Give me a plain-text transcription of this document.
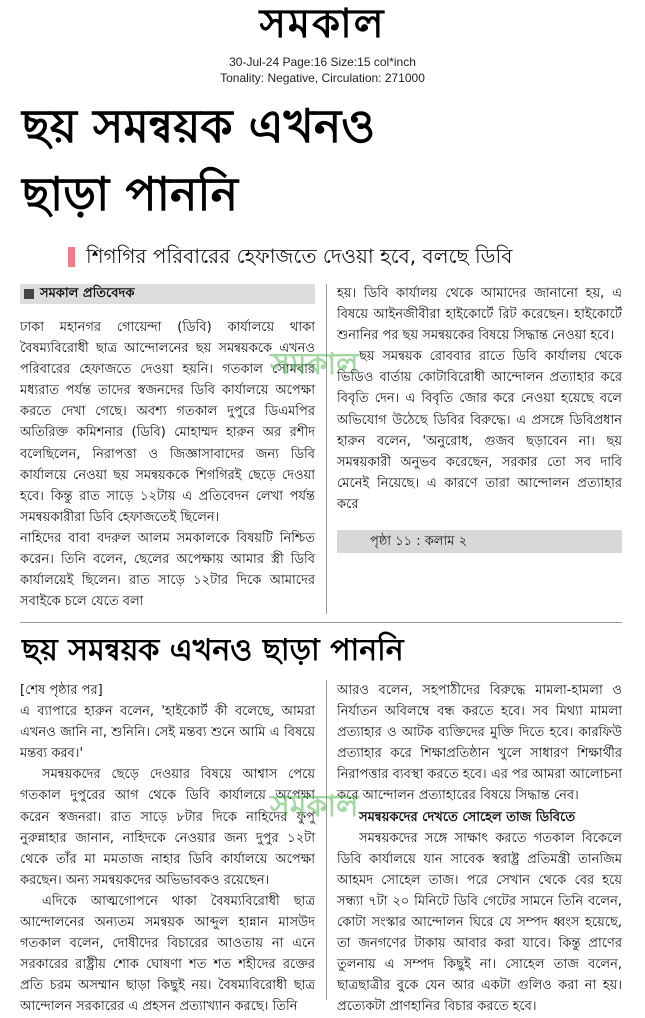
সমকাল
30-Jul-24 Page:16 Size:15 col*inch
Tonality: Negative, Circulation: 271000
ছয় সমন্বয়ক এখনও
ছাড়া পাননি
শিগগির পরিবারের হেফাজতে দেওয়া হবে, বলছে ডিবি
সমকাল প্রতিবেদক

ঢাকা মহানগর গোয়েন্দা (ডিবি) কার্যালয়ে থাকা বৈষম্যবিরোধী ছাত্র আন্দোলনের ছয় সমন্বয়ককে এখনও পরিবারের হেফাজতে দেওয়া হয়নি। গতকাল সোমবার মধ্যরাত পর্যন্ত তাদের স্বজনদের ডিবি কার্যালয়ে অপেক্ষা করতে দেখা গেছে। অবশ্য গতকাল দুপুরে ডিএমপির অতিরিক্ত কমিশনার (ডিবি) মোহাম্মদ হারুন অর রশীদ বলেছিলেন, নিরাপত্তা ও জিজ্ঞাসাবাদের জন্য ডিবি কার্যালয়ে নেওয়া ছয় সমন্বয়ককে শিগগিরই ছেড়ে দেওয়া হবে। কিন্তু রাত সাড়ে ১২টায় এ প্রতিবেদন লেখা পর্যন্ত সমন্বয়কারীরা ডিবি হেফাজতেই ছিলেন।

নাহিদের বাবা বদরুল আলম সমকালকে বিষয়টি নিশ্চিত করেন। তিনি বলেন, ছেলের অপেক্ষায় আমার স্ত্রী ডিবি কার্যালয়েই ছিলেন। রাত সাড়ে ১২টার দিকে আমাদের সবাইকে চলে যেতে বলা

হয়। ডিবি কার্যালয় থেকে আমাদের জানানো হয়, এ বিষয়ে আইনজীবীরা হাইকোর্টে রিট করেছেন। হাইকোর্টে শুনানির পর ছয় সমন্বয়কের বিষয়ে সিদ্ধান্ত নেওয়া হবে।

ছয় সমন্বয়ক রোববার রাতে ডিবি কার্যালয় থেকে ভিডিও বার্তায় কোটাবিরোধী আন্দোলন প্রত্যাহার করে বিবৃতি দেন। এ বিবৃতি জোর করে নেওয়া হয়েছে বলে অভিযোগ উঠেছে ডিবির বিরুদ্ধে। এ প্রসঙ্গে ডিবিপ্রধান হারুন বলেন, 'অনুরোধ, গুজব ছড়াবেন না। ছয় সমন্বয়কারী অনুভব করেছেন, সরকার তো সব দাবি মেনেই নিয়েছে। এ কারণে তারা আন্দোলন প্রত্যাহার করে

পৃষ্ঠা ১১ : কলাম ২
ছয় সমন্বয়ক এখনও ছাড়া পাননি

[শেষ পৃষ্ঠার পর]

এ ব্যাপারে হারুন বলেন, 'হাইকোর্ট কী বলেছে, আমরা এখনও জানি না, শুনিনি। সেই মন্তব্য শুনে আমি এ বিষয়ে মন্তব্য করব।'

সমন্বয়কদের ছেড়ে দেওয়ার বিষয়ে আশ্বাস পেয়ে গতকাল দুপুরের আগ থেকে ডিবি কার্যালয়ে অপেক্ষা করেন স্বজনরা। রাত সাড়ে ৮টার দিকে নাহিদের ফুপু নুরুন্নাহার জানান, নাহিদকে নেওয়ার জন্য দুপুর ১২টা থেকে তাঁর মা মমতাজ নাহার ডিবি কার্যালয়ে অপেক্ষা করছেন। অন্য সমন্বয়কদের অভিভাবকও রয়েছেন।

এদিকে আত্মগোপনে থাকা বৈষম্যবিরোধী ছাত্র আন্দোলনের অন্যতম সমন্বয়ক আব্দুল হান্নান মাসউদ গতকাল বলেন, দোষীদের বিচারের আওতায় না এনে সরকারের রাষ্ট্রীয় শোক ঘোষণা শত শত শহীদের রক্তের প্রতি চরম অসম্মান ছাড়া কিছুই নয়। বৈষম্যবিরোধী ছাত্র আন্দোলন সরকারের এ প্রহসন প্রত্যাখ্যান করছে। তিনি

আরও বলেন, সহপাঠীদের বিরুদ্ধে মামলা-হামলা ও নির্যাতন অবিলম্বে বন্ধ করতে হবে। সব মিথ্যা মামলা প্রত্যাহার ও আটক ব্যক্তিদের মুক্তি দিতে হবে। কারফিউ প্রত্যাহার করে শিক্ষাপ্রতিষ্ঠান খুলে সাধারণ শিক্ষার্থীর নিরাপত্তার ব্যবস্থা করতে হবে। এর পর আমরা আলোচনা করে আন্দোলন প্রত্যাহারের বিষয়ে সিদ্ধান্ত নেব।

সমন্বয়কদের দেখতে সোহেল তাজ ডিবিতে

সমন্বয়কদের সঙ্গে সাক্ষাৎ করতে গতকাল বিকেলে ডিবি কার্যালয়ে যান সাবেক স্বরাষ্ট্র প্রতিমন্ত্রী তানজিম আহমদ সোহেল তাজ। পরে সেখান থেকে বের হয়ে সন্ধ্যা ৭টা ২০ মিনিটে ডিবি গেটের সামনে তিনি বলেন, কোটা সংস্কার আন্দোলন ঘিরে যে সম্পদ ধ্বংস হয়েছে, তা জনগণের টাকায় আবার করা যাবে। কিন্তু প্রাণের তুলনায় এ সম্পদ কিছুই না। সোহেল তাজ বলেন, ছাত্রছাত্রীর বুকে যেন আর একটা গুলিও করা না হয়। প্রত্যেকটা প্রাণহানির বিচার করতে হবে।

সমকাল
সমকাল
